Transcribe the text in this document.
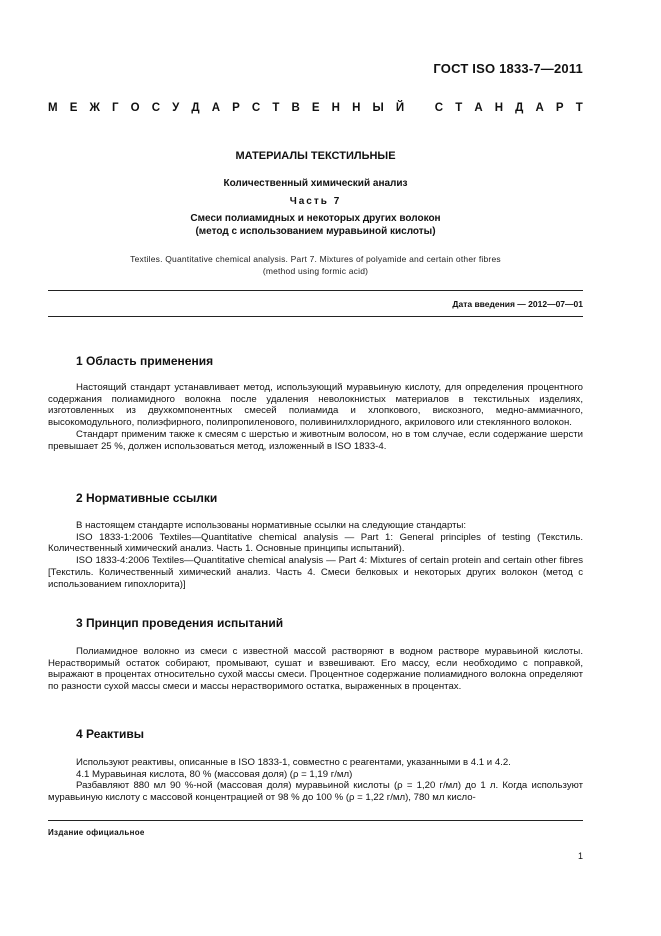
ГОСТ ISO 1833-7—2011
М Е Ж Г О С У Д А Р С Т В Е Н Н Ы Й
	С Т А Н Д А Р Т
МАТЕРИАЛЫ ТЕКСТИЛЬНЫЕ
Количественный химический анализ
Часть 7
Смеси полиамидных и некоторых других волокон
(метод с использованием муравьиной кислоты)
Textiles. Quantitative chemical analysis. Part 7. Mixtures of polyamide and certain other fibres
(method using formic acid)
Дата введения — 2012—07—01
1 Область применения

Настоящий стандарт устанавливает метод, использующий муравьиную кислоту, для определения процентного содержания полиамидного волокна после удаления неволокнистых материалов в текстильных изделиях, изготовленных из двухкомпонентных смесей полиамида и хлопкового, вискозного, медно-аммиачного, высокомодульного, полиэфирного, полипропиленового, поливинилхлоридного, акрилового или стеклянного волокон.

Стандарт применим также к смесям с шерстью и животным волосом, но в том случае, если содержание шерсти превышает 25 %, должен использоваться метод, изложенный в ISO 1833-4.

2 Нормативные ссылки

В настоящем стандарте использованы нормативные ссылки на следующие стандарты:

ISO 1833-1:2006 Textiles—Quantitative chemical analysis — Part 1: General principles of testing (Текстиль. Количественный химический анализ. Часть 1. Основные принципы испытаний).

ISO 1833-4:2006 Textiles—Quantitative chemical analysis — Part 4: Mixtures of certain protein and certain other fibres [Текстиль. Количественный химический анализ. Часть 4. Смеси белковых и некоторых других волокон (метод с использованием гипохлорита)]

3 Принцип проведения испытаний

Полиамидное волокно из смеси с известной массой растворяют в водном растворе муравьиной кислоты. Нерастворимый остаток собирают, промывают, сушат и взвешивают. Его массу, если необходимо с поправкой, выражают в процентах относительно сухой массы смеси. Процентное содержание полиамидного волокна определяют по разности сухой массы смеси и массы нерастворимого остатка, выраженных в процентах.

4 Реактивы

Используют реактивы, описанные в ISO 1833-1, совместно с реагентами, указанными в 4.1 и 4.2.

4.1 Муравьиная кислота, 80 % (массовая доля) (ρ = 1,19 г/мл)

Разбавляют 880 мл 90 %-ной (массовая доля) муравьиной кислоты (ρ = 1,20 г/мл) до 1 л. Когда используют муравьиную кислоту с массовой концентрацией от 98 % до 100 % (ρ = 1,22 г/мл), 780 мл кисло-

Издание официальное
1
